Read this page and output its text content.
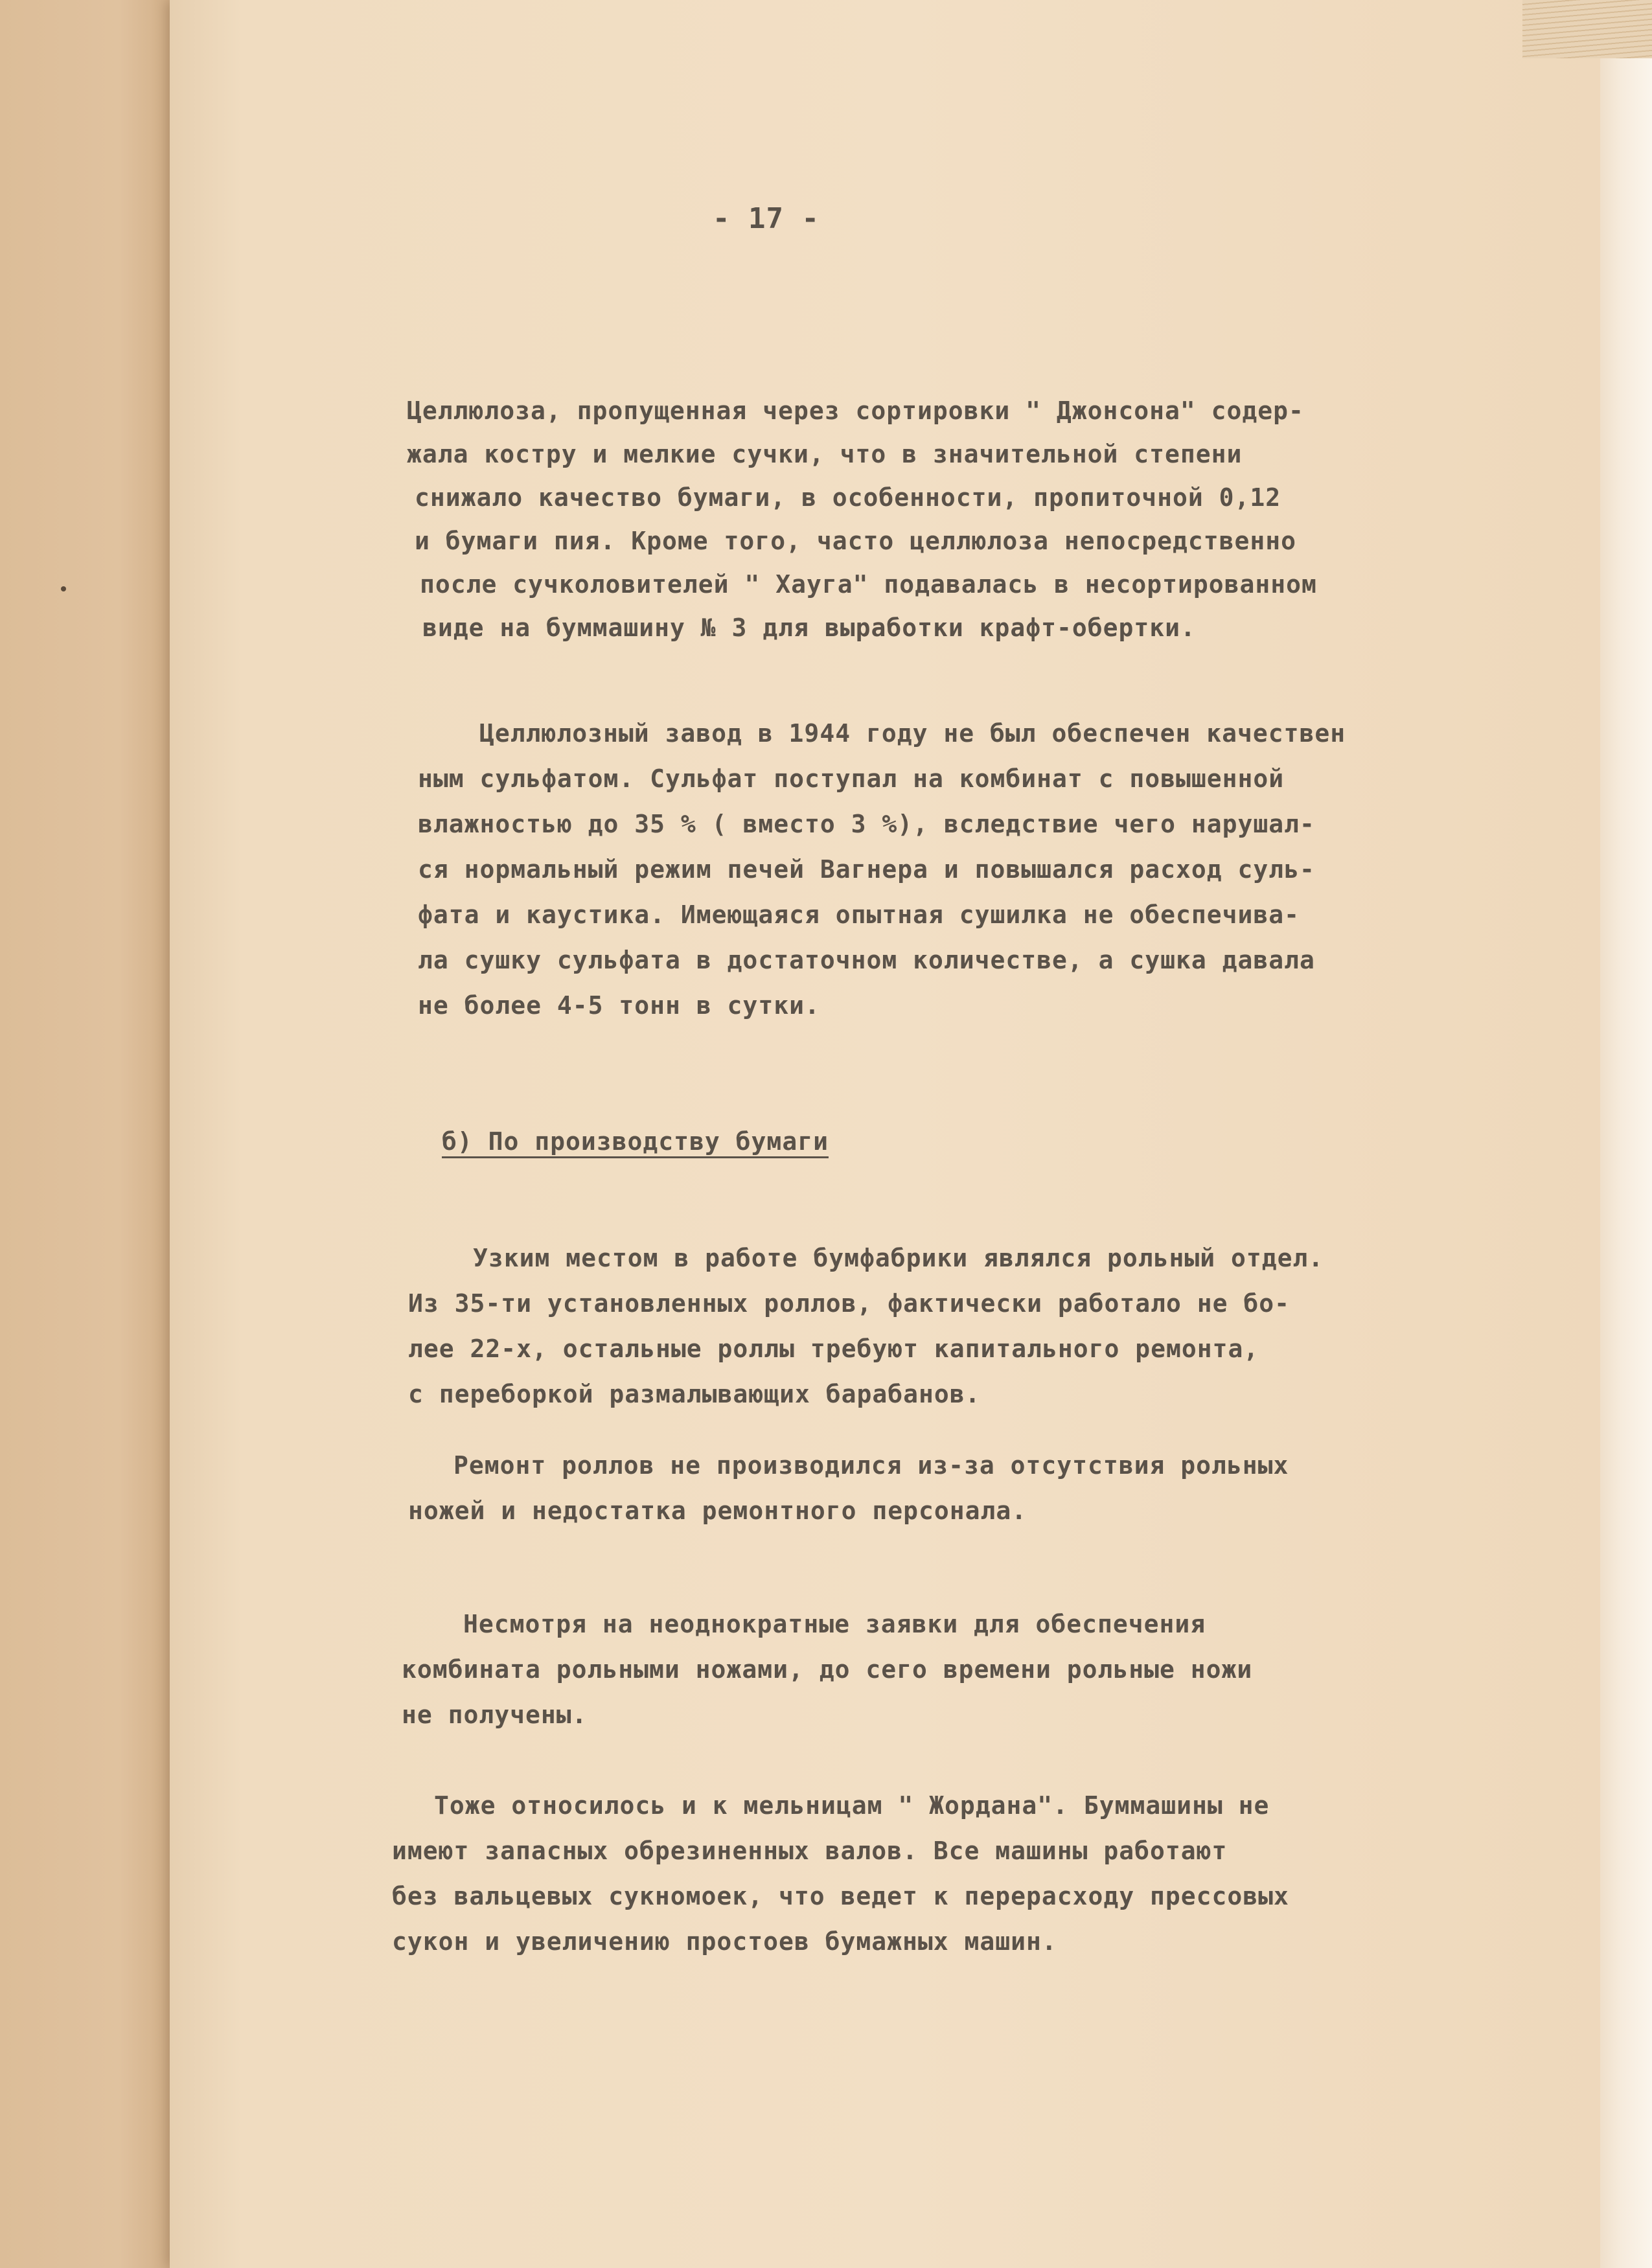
- 17 -
Целлюлоза, пропущенная через сортировки " Джонсона" содер-
жала костру и мелкие сучки, что в значительной степени
снижало качество бумаги, в особенности, пропиточной 0,12
и бумаги пия. Кроме того, часто целлюлоза непосредственно
после сучколовителей " Хауга" подавалась в несортированном
виде на буммашину № 3 для выработки крафт-обертки.
Целлюлозный завод в 1944 году не был обеспечен качествен
ным сульфатом. Сульфат поступал на комбинат с повышенной
влажностью до 35 % ( вместо 3 %), вследствие чего нарушал-
ся нормальный режим печей Вагнера и повышался расход суль-
фата и каустика. Имеющаяся опытная сушилка не обеспечива-
ла сушку сульфата в достаточном количестве, а сушка давала
не более 4-5 тонн в сутки.
б) По производству бумаги
Узким местом в работе бумфабрики являлся рольный отдел.
Из 35-ти установленных роллов, фактически работало не бо-
лее 22-х, остальные роллы требуют капитального ремонта,
с переборкой размалывающих барабанов.
Ремонт роллов не производился из-за отсутствия рольных
ножей и недостатка ремонтного персонала.
Несмотря на неоднократные заявки для обеспечения
комбината рольными ножами, до сего времени рольные ножи
не получены.
Тоже относилось и к мельницам " Жордана". Буммашины не
имеют запасных обрезиненных валов. Все машины работают
без вальцевых сукномоек, что ведет к перерасходу прессовых
сукон и увеличению простоев бумажных машин.
